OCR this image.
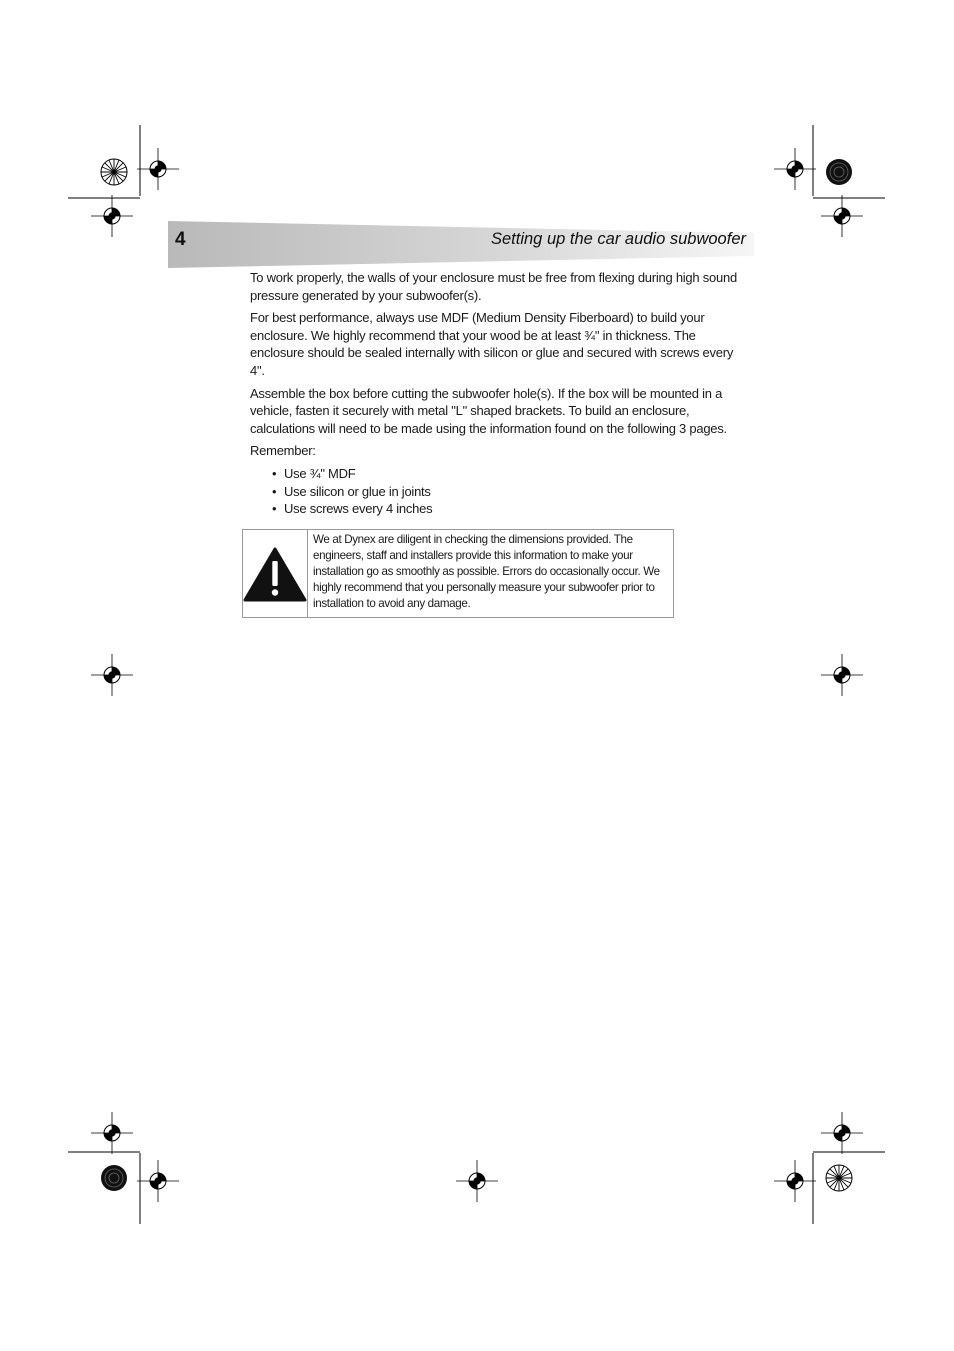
4	Setting up the car audio subwoofer

To work properly, the walls of your enclosure must be free from flexing during high sound pressure generated by your subwoofer(s).

For best performance, always use MDF (Medium Density Fiberboard) to build your enclosure. We highly recommend that your wood be at least ¾" in thickness. The enclosure should be sealed internally with silicon or glue and secured with screws every 4".

Assemble the box before cutting the subwoofer hole(s). If the box will be mounted in a vehicle, fasten it securely with metal "L" shaped brackets. To build an enclosure, calculations will need to be made using the information found on the following 3 pages.

Remember:

• Use ¾" MDF
• Use silicon or glue in joints
• Use screws every 4 inches
We at Dynex are diligent in checking the dimensions provided. The engineers, staff and installers provide this information to make your installation go as smoothly as possible. Errors do occasionally occur. We highly recommend that you personally measure your subwoofer prior to installation to avoid any damage.
